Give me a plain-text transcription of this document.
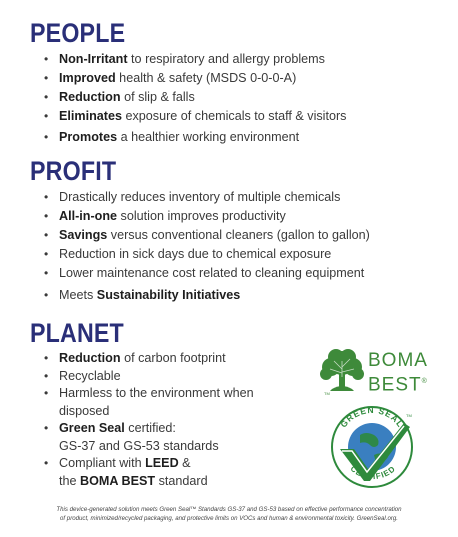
PEOPLE
• Non-Irritant to respiratory and allergy problems
• Improved health & safety (MSDS 0-0-0-A)
• Reduction of slip & falls
• Eliminates exposure of chemicals to staff & visitors
• Promotes a healthier working environment
PROFIT
• Drastically reduces inventory of multiple chemicals
• All-in-one solution improves productivity
• Savings versus conventional cleaners (gallon to gallon)
• Reduction in sick days due to chemical exposure
• Lower maintenance cost related to cleaning equipment
• Meets Sustainability Initiatives
PLANET
• Reduction of carbon footprint
• Recyclable
• Harmless to the environment when
disposed
• Green Seal certified:
GS-37 and GS-53 standards
• Compliant with LEED &
the BOMA BEST standard
TM
BOMA
BEST®
GREEN SEAL
CERTIFIED
TM
This device-generated solution meets Green Seal™ Standards GS-37 and GS-53 based on effective performance concentration
of product, minimized/recycled packaging, and protective limits on VOCs and human & environmental toxicity. GreenSeal.org.
